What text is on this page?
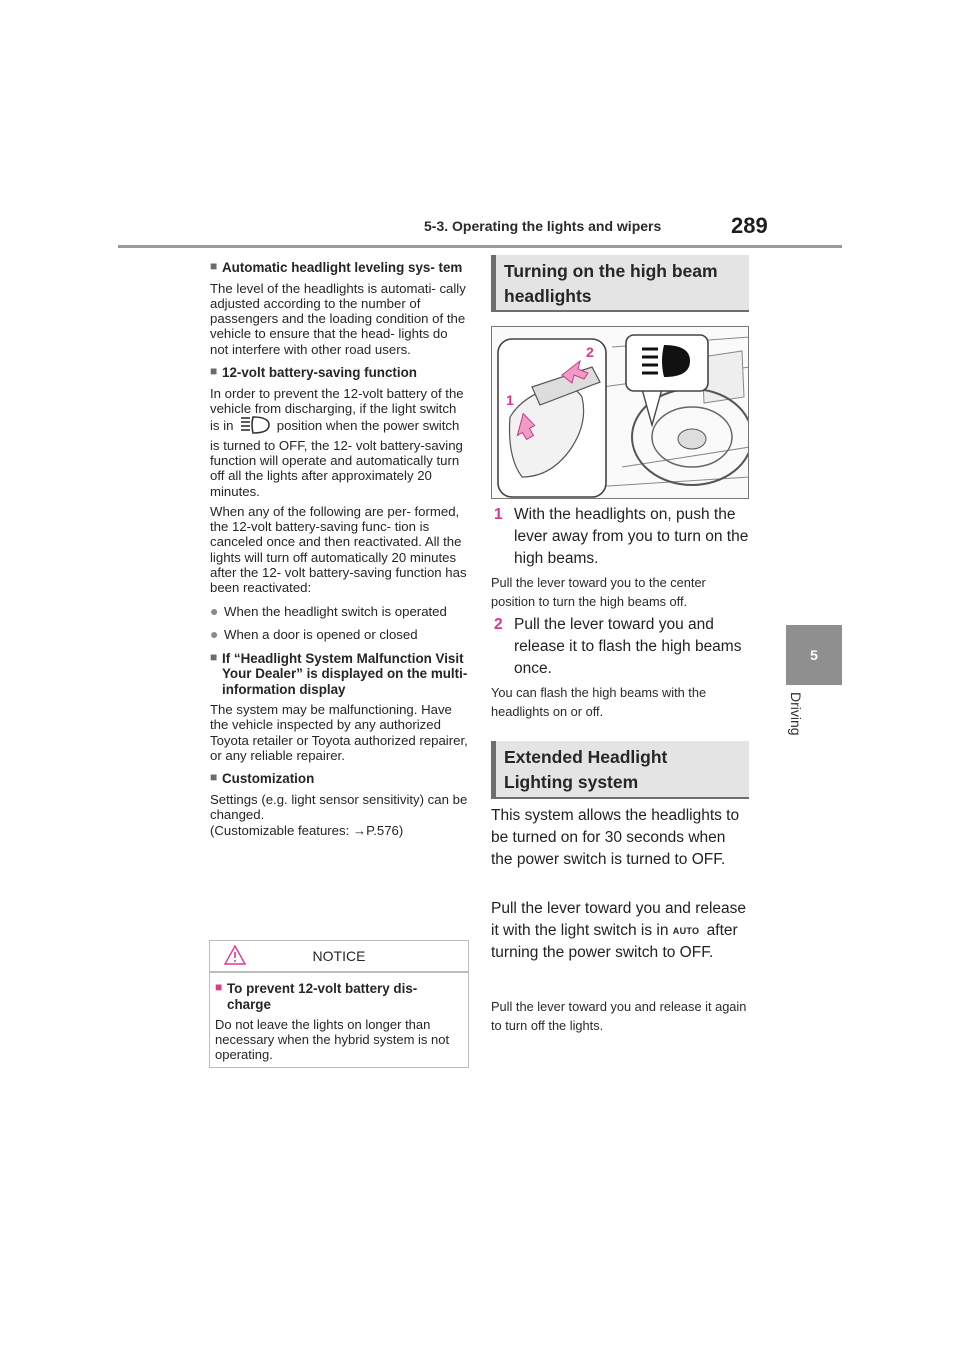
5-3. Operating the lights and wipers	289
5
Driving
■ Automatic headlight leveling sys- tem
The level of the headlights is automati- cally adjusted according to the number of passengers and the loading condition of the vehicle to ensure that the head- lights do not interfere with other road users.
■ 12-volt battery-saving function
In order to prevent the 12-volt battery of the vehicle from discharging, if the light switch is in	position when the power switch is turned to OFF, the 12- volt battery-saving function will operate and automatically turn off all the lights after approximately 20 minutes.
When any of the following are per- formed, the 12-volt battery-saving func- tion is canceled once and then reactivated. All the lights will turn off automatically 20 minutes after the 12- volt battery-saving function has been reactivated:
● When the headlight switch is operated
● When a door is opened or closed
■ If “Headlight System Malfunction Visit Your Dealer” is displayed on the multi-information display
The system may be malfunctioning. Have the vehicle inspected by any authorized Toyota retailer or Toyota authorized repairer, or any reliable repairer.
■ Customization
Settings (e.g. light sensor sensitivity) can be changed.
(Customizable features: →P.576)
NOTICE
■ To prevent 12-volt battery dis- charge
Do not leave the lights on longer than necessary when the hybrid system is not operating.
Turning on the high beam headlights
1
2
1 With the headlights on, push the lever away from you to turn on the high beams.
Pull the lever toward you to the center position to turn the high beams off.
2 Pull the lever toward you and release it to flash the high beams once.
You can flash the high beams with the headlights on or off.
Extended Headlight Lighting system
This system allows the headlights to be turned on for 30 seconds when the power switch is turned to OFF.
Pull the lever toward you and release it with the light switch is in AUTO after turning the power switch to OFF.
Pull the lever toward you and release it again to turn off the lights.
